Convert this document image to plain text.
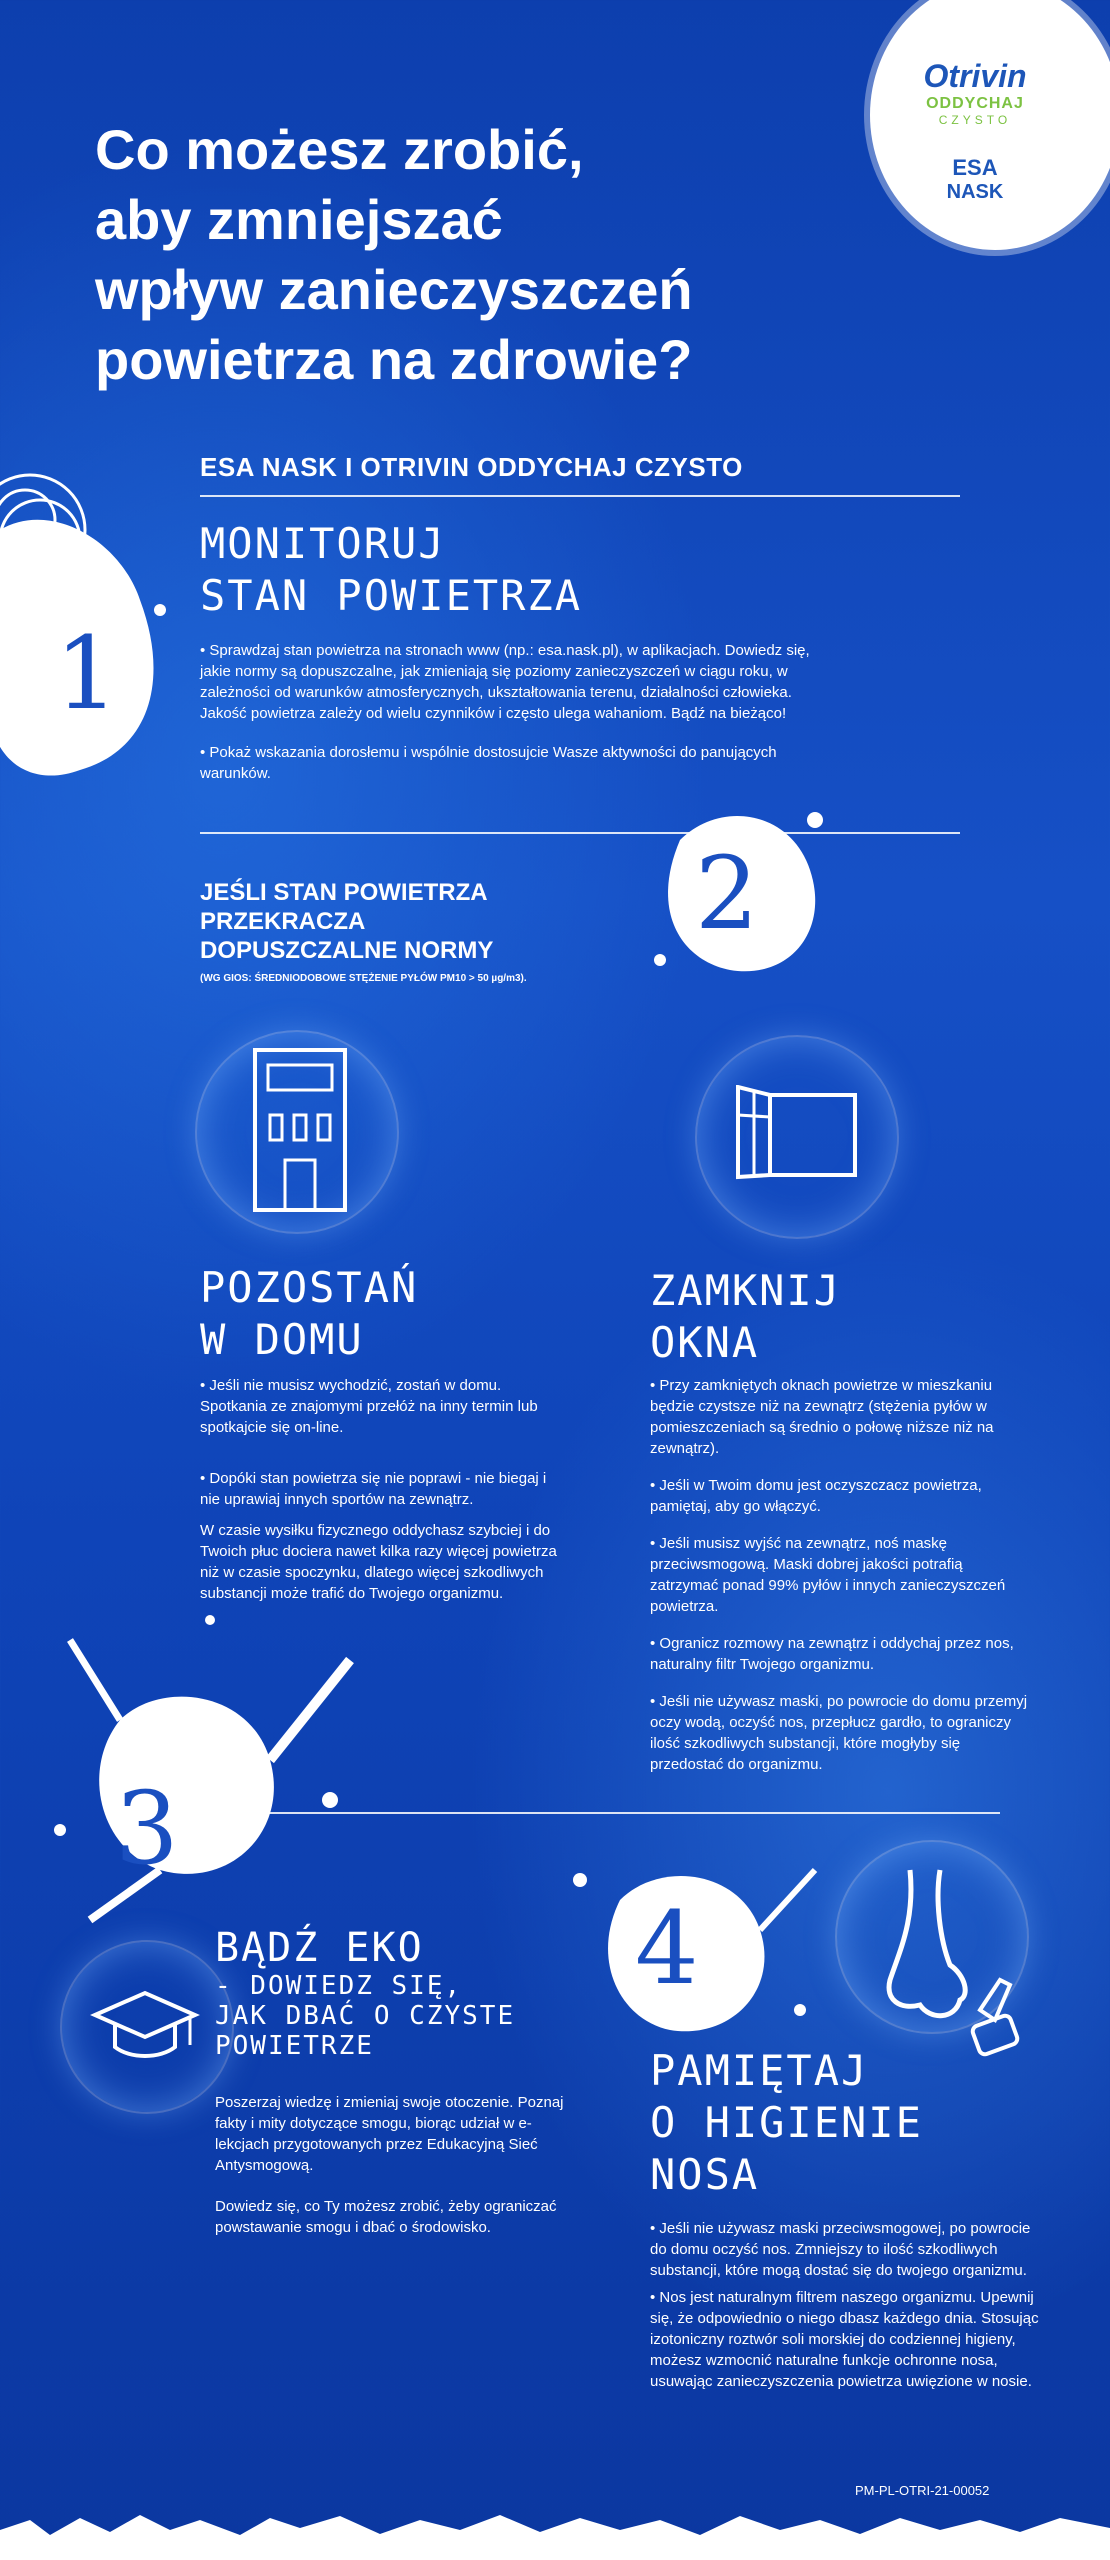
Otrivin
ODDYCHAJ
CZYSTO
ESA
NASK
Co możesz zrobić,
aby zmniejszać
wpływ zanieczyszczeń
powietrza na zdrowie?
ESA NASK I OTRIVIN ODDYCHAJ CZYSTO
1
MONITORUJ
STAN POWIETRZA

• Sprawdzaj stan powietrza na stronach www (np.: esa.nask.pl), w aplikacjach. Dowiedz się, jakie normy są dopuszczalne, jak zmieniają się poziomy zanieczyszczeń w ciągu roku, w zależności od warunków atmosferycznych, ukształtowania terenu, działalności człowieka. Jakość powietrza zależy od wielu czynników i często ulega wahaniom. Bądź na bieżąco!

• Pokaż wskazania dorosłemu i wspólnie dostosujcie Wasze aktywności do panujących warunków.

2
JEŚLI STAN POWIETRZA
PRZEKRACZA
DOPUSZCZALNE NORMY
(WG GIOS: ŚREDNIODOBOWE STĘŻENIE PYŁÓW PM10 > 50 µg/m3).
POZOSTAŃ
W DOMU

• Jeśli nie musisz wychodzić, zostań w domu. Spotkania ze znajomymi przełóż na inny termin lub spotkajcie się on-line.

• Dopóki stan powietrza się nie poprawi - nie biegaj i nie uprawiaj innych sportów na zewnątrz.

W czasie wysiłku fizycznego oddychasz szybciej i do Twoich płuc dociera nawet kilka razy więcej powietrza niż w czasie spoczynku, dlatego więcej szkodliwych substancji może trafić do Twojego organizmu.

ZAMKNIJ
OKNA

• Przy zamkniętych oknach powietrze w mieszkaniu będzie czystsze niż na zewnątrz (stężenia pyłów w pomieszczeniach są średnio o połowę niższe niż na zewnątrz).

• Jeśli w Twoim domu jest oczyszczacz powietrza, pamiętaj, aby go włączyć.

• Jeśli musisz wyjść na zewnątrz, noś maskę przeciwsmogową. Maski dobrej jakości potrafią zatrzymać ponad 99% pyłów i innych zanieczyszczeń powietrza.

• Ogranicz rozmowy na zewnątrz i oddychaj przez nos, naturalny filtr Twojego organizmu.

• Jeśli nie używasz maski, po powrocie do domu przemyj oczy wodą, oczyść nos, przepłucz gardło, to ograniczy ilość szkodliwych substancji, które mogłyby się przedostać do organizmu.

3
BĄDŹ EKO
- DOWIEDZ SIĘ,
JAK DBAĆ O CZYSTE
POWIETRZE

Poszerzaj wiedzę i zmieniaj swoje otoczenie. Poznaj fakty i mity dotyczące smogu, biorąc udział w e-lekcjach przygotowanych przez Edukacyjną Sieć Antysmogową.

Dowiedz się, co Ty możesz zrobić, żeby ograniczać powstawanie smogu i dbać o środowisko.

4
PAMIĘTAJ
O HIGIENIE
NOSA

• Jeśli nie używasz maski przeciwsmogowej, po powrocie do domu oczyść nos. Zmniejszy to ilość szkodliwych substancji, które mogą dostać się do twojego organizmu.

• Nos jest naturalnym filtrem naszego organizmu. Upewnij się, że odpowiednio o niego dbasz każdego dnia. Stosując izotoniczny roztwór soli morskiej do codziennej higieny, możesz wzmocnić naturalne funkcje ochronne nosa, usuwając zanieczyszczenia powietrza uwięzione w nosie.

PM-PL-OTRI-21-00052
